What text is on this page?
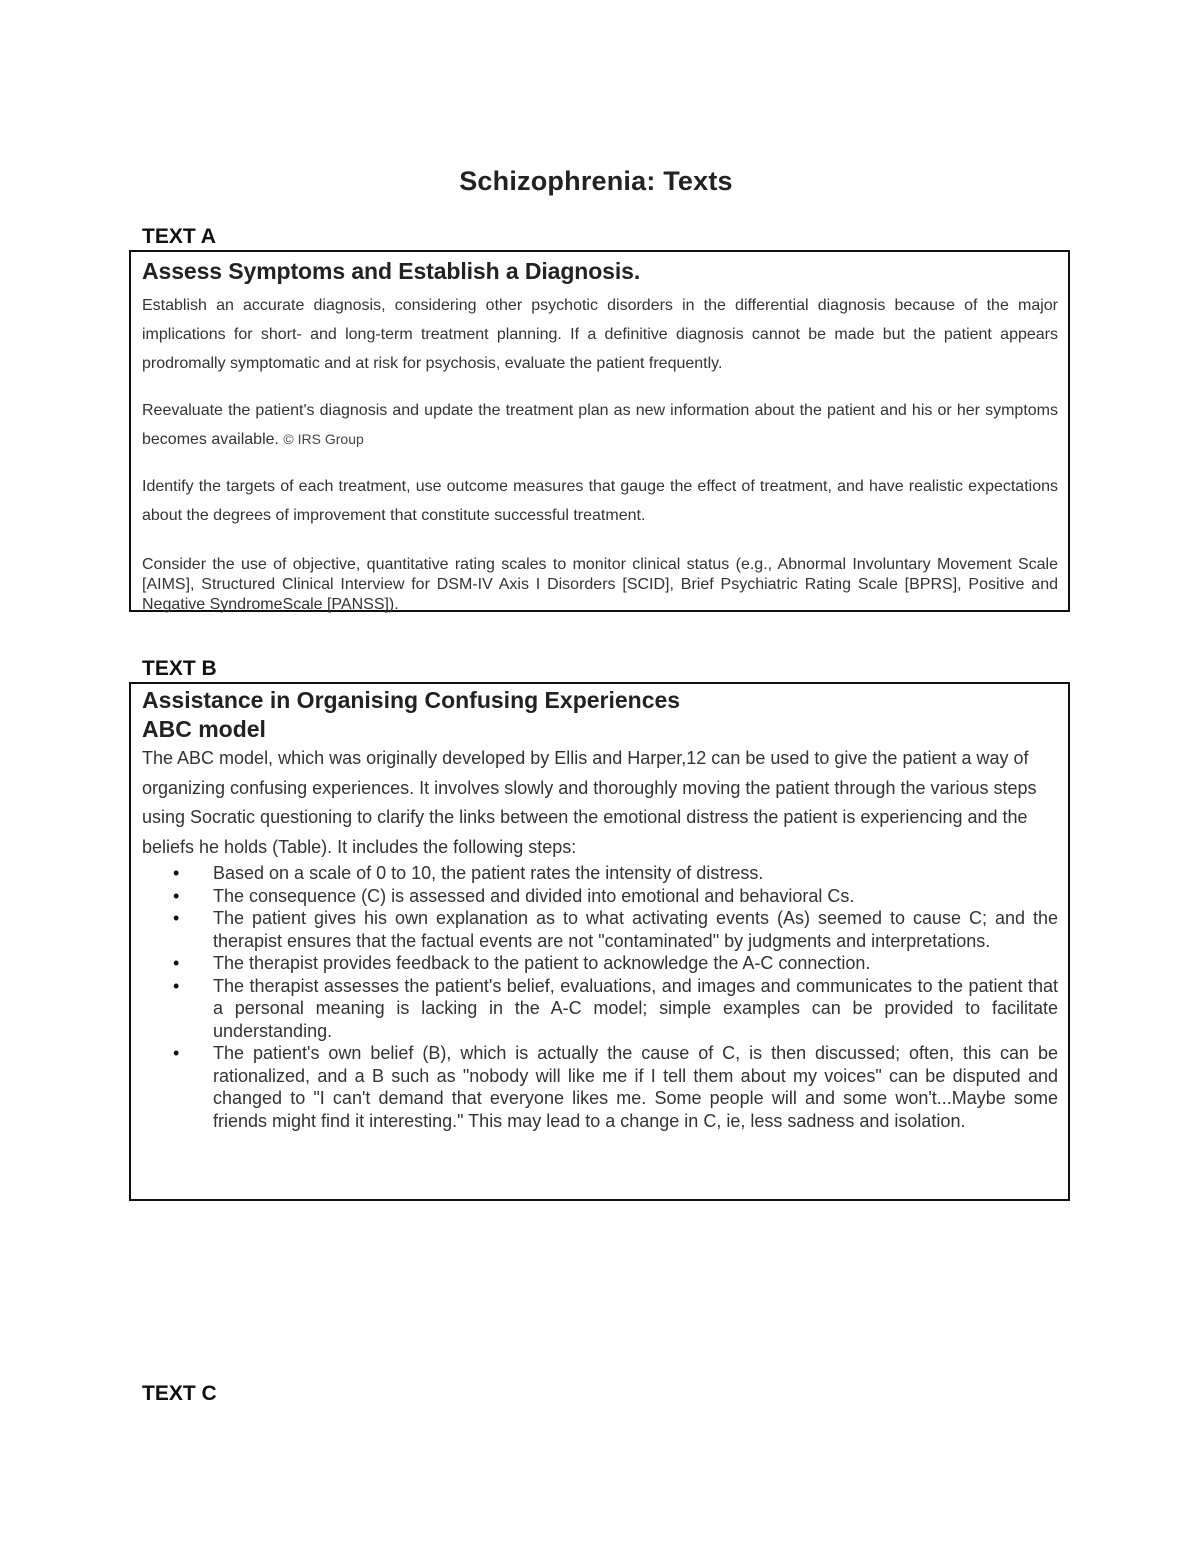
Schizophrenia: Texts
TEXT A
Assess Symptoms and Establish a Diagnosis.

Establish an accurate diagnosis, considering other psychotic disorders in the differential diagnosis because of the major implications for short- and long-term treatment planning. If a definitive diagnosis cannot be made but the patient appears prodromally symptomatic and at risk for psychosis, evaluate the patient frequently.

Reevaluate the patient's diagnosis and update the treatment plan as new information about the patient and his or her symptoms becomes available. © IRS Group

Identify the targets of each treatment, use outcome measures that gauge the effect of treatment, and have realistic expectations about the degrees of improvement that constitute successful treatment.

Consider the use of objective, quantitative rating scales to monitor clinical status (e.g., Abnormal Involuntary Movement Scale [AIMS], Structured Clinical Interview for DSM-IV Axis I Disorders [SCID], Brief Psychiatric Rating Scale [BPRS], Positive and Negative SyndromeScale [PANSS]).

TEXT B
Assistance in Organising Confusing Experiences
ABC model

The ABC model, which was originally developed by Ellis and Harper,12 can be used to give the patient a way of organizing confusing experiences. It involves slowly and thoroughly moving the patient through the various steps using Socratic questioning to clarify the links between the emotional distress the patient is experiencing and the beliefs he holds (Table). It includes the following steps:

• Based on a scale of 0 to 10, the patient rates the intensity of distress.
• The consequence (C) is assessed and divided into emotional and behavioral Cs.
• The patient gives his own explanation as to what activating events (As) seemed to cause C; and the therapist ensures that the factual events are not "contaminated" by judgments and interpretations.
• The therapist provides feedback to the patient to acknowledge the A-C connection.
• The therapist assesses the patient's belief, evaluations, and images and communicates to the patient that a personal meaning is lacking in the A-C model; simple examples can be provided to facilitate understanding.
• The patient's own belief (B), which is actually the cause of C, is then discussed; often, this can be rationalized, and a B such as "nobody will like me if I tell them about my voices" can be disputed and changed to "I can't demand that everyone likes me. Some people will and some won't...Maybe some friends might find it interesting." This may lead to a change in C, ie, less sadness and isolation.
TEXT C
